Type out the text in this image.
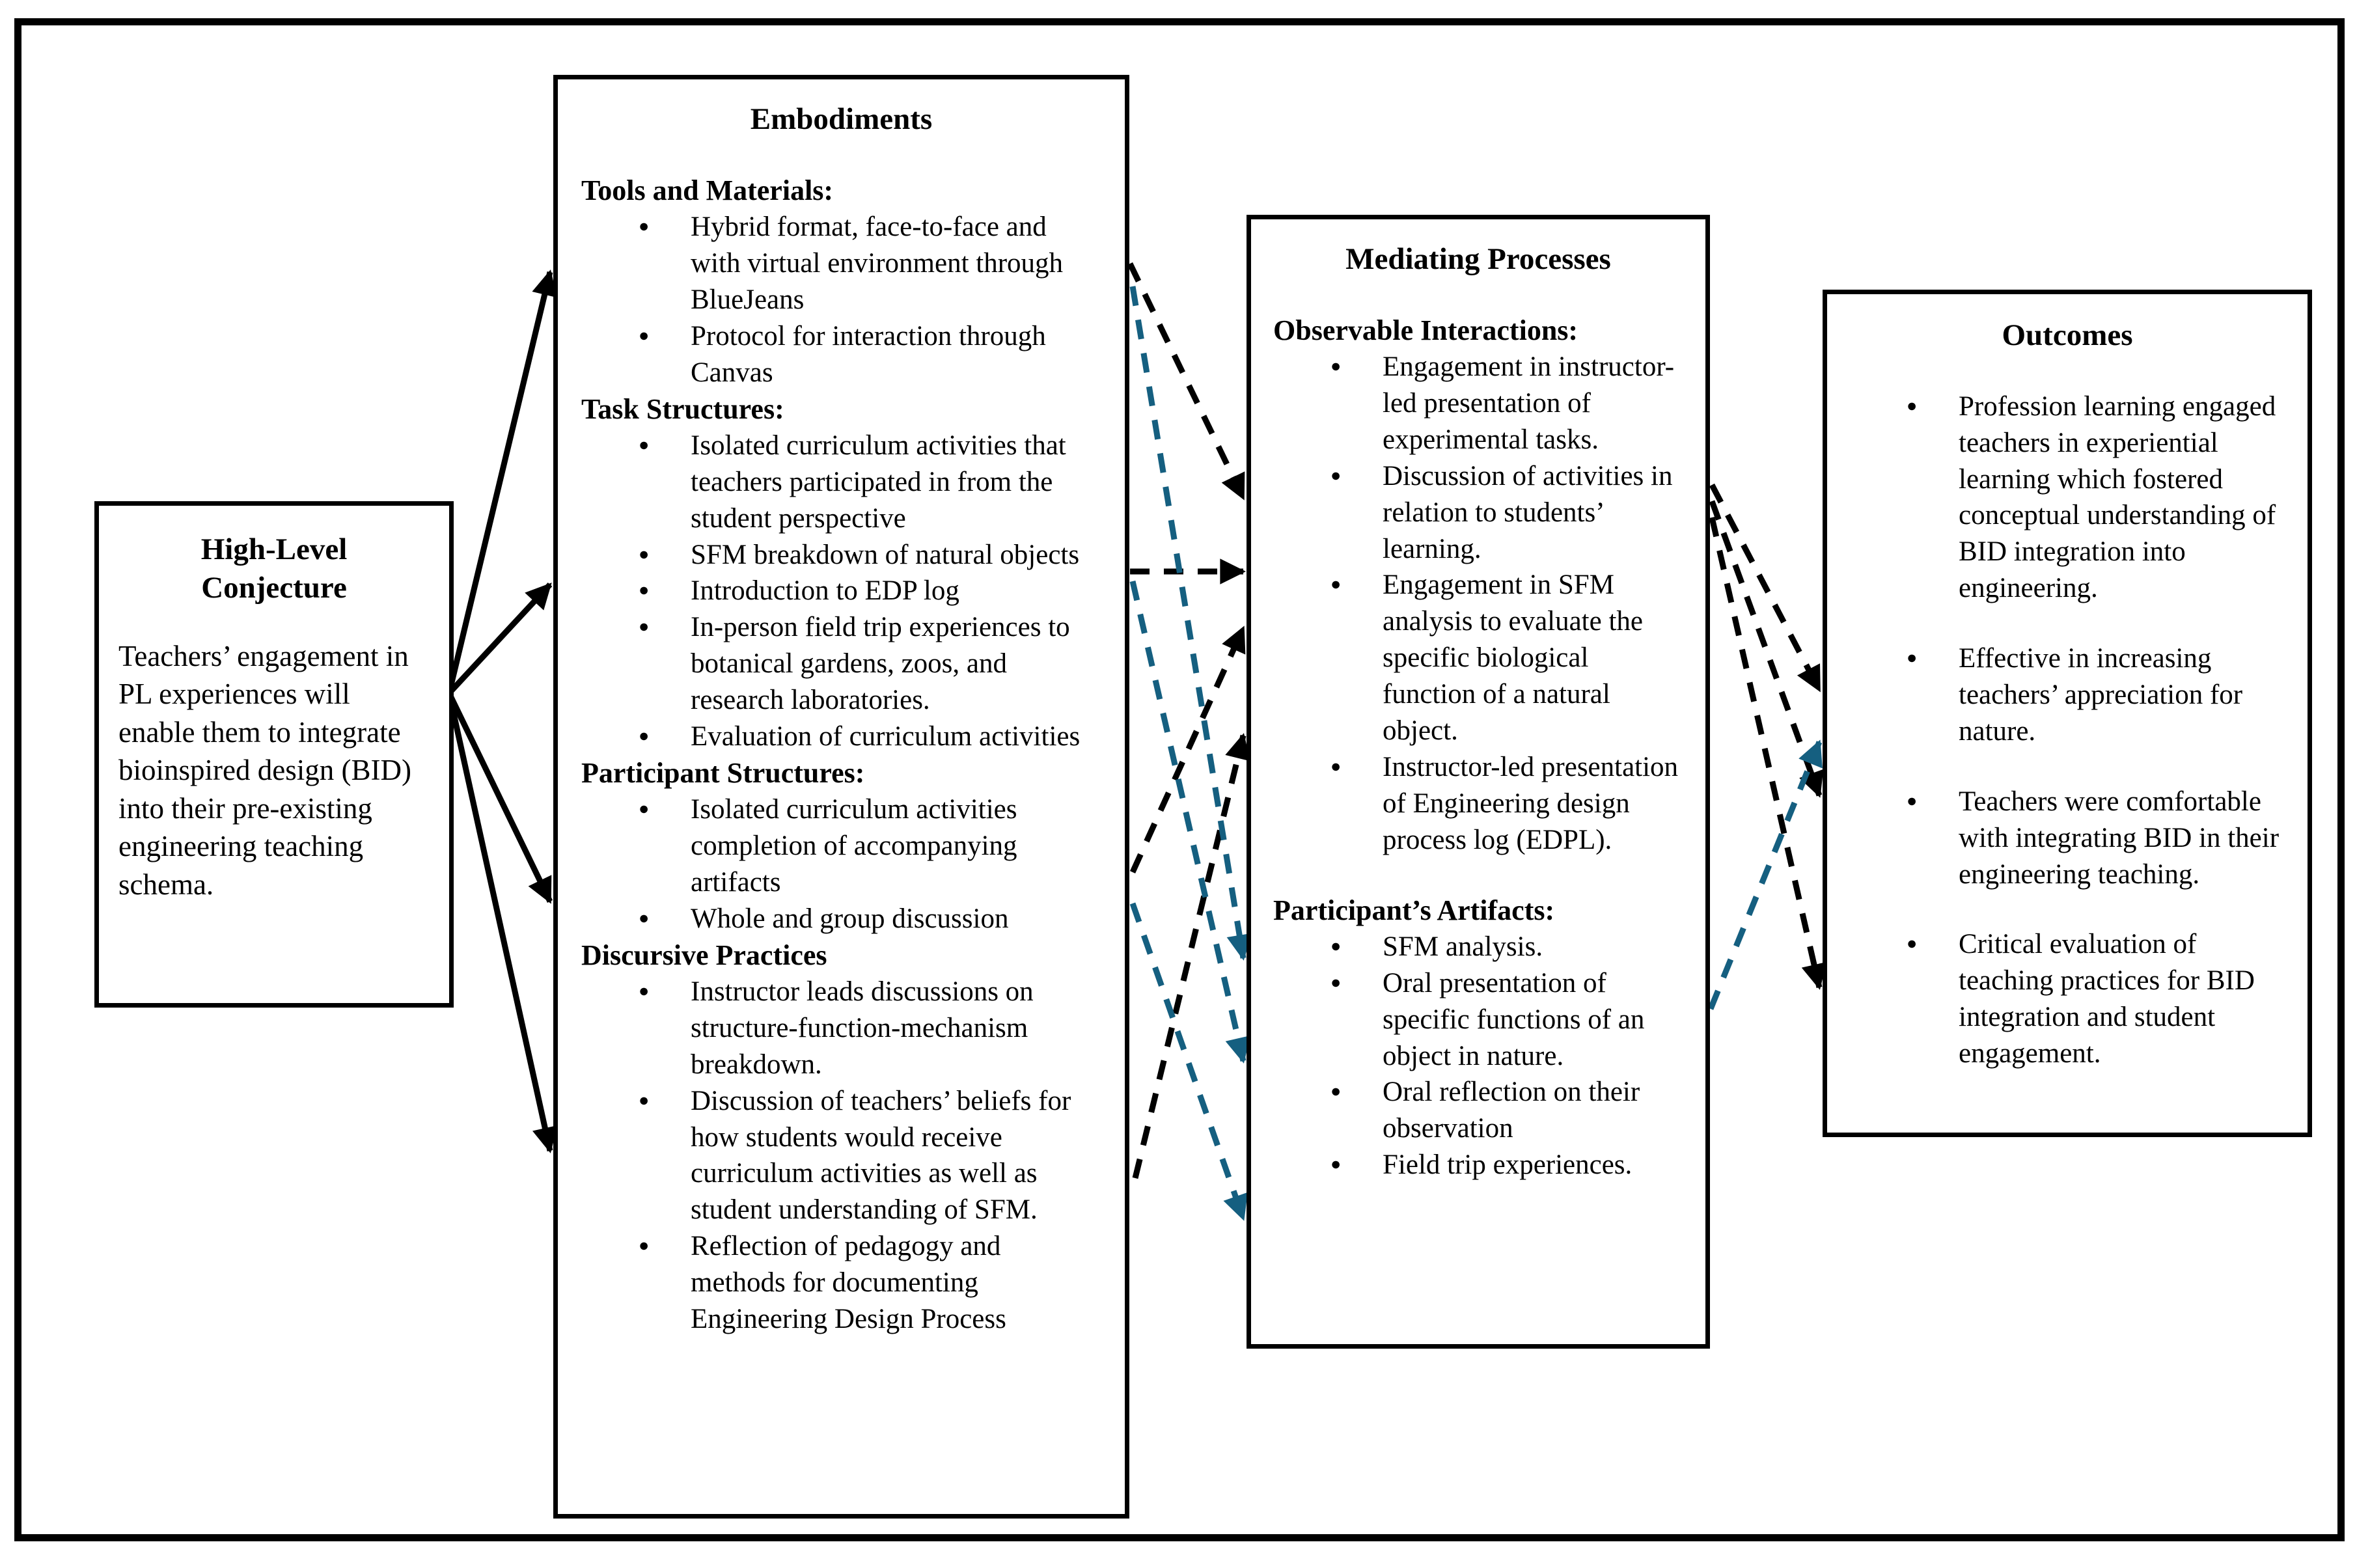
High-Level
Conjecture
Teachers’ engagement in PL experiences will enable them to integrate bioinspired design (BID) into their pre-existing engineering teaching schema.
Embodiments
Tools and Materials:
● Hybrid format, face-to-face and with virtual environment through BlueJeans
● Protocol for interaction through Canvas
Task Structures:
● Isolated curriculum activities that teachers participated in from the student perspective
● SFM breakdown of natural objects
● Introduction to EDP log
● In-person field trip experiences to botanical gardens, zoos, and research laboratories.
● Evaluation of curriculum activities
Participant Structures:
● Isolated curriculum activities completion of accompanying artifacts
● Whole and group discussion
Discursive Practices
● Instructor leads discussions on structure-function-mechanism breakdown.
● Discussion of teachers’ beliefs for how students would receive curriculum activities as well as student understanding of SFM.
● Reflection of pedagogy and methods for documenting Engineering Design Process
Mediating Processes
Observable Interactions:
● Engagement in instructor-led presentation of experimental tasks.
● Discussion of activities in relation to students’ learning.
● Engagement in SFM analysis to evaluate the specific biological function of a natural object.
● Instructor-led presentation of Engineering design process log (EDPL).
Participant’s Artifacts:
● SFM analysis.
● Oral presentation of specific functions of an object in nature.
● Oral reflection on their observation
● Field trip experiences.
Outcomes
● Profession learning engaged teachers in experiential learning which fostered conceptual understanding of BID integration into engineering.
● Effective in increasing teachers’ appreciation for nature.
● Teachers were comfortable with integrating BID in their engineering teaching.
● Critical evaluation of teaching practices for BID integration and student engagement.
